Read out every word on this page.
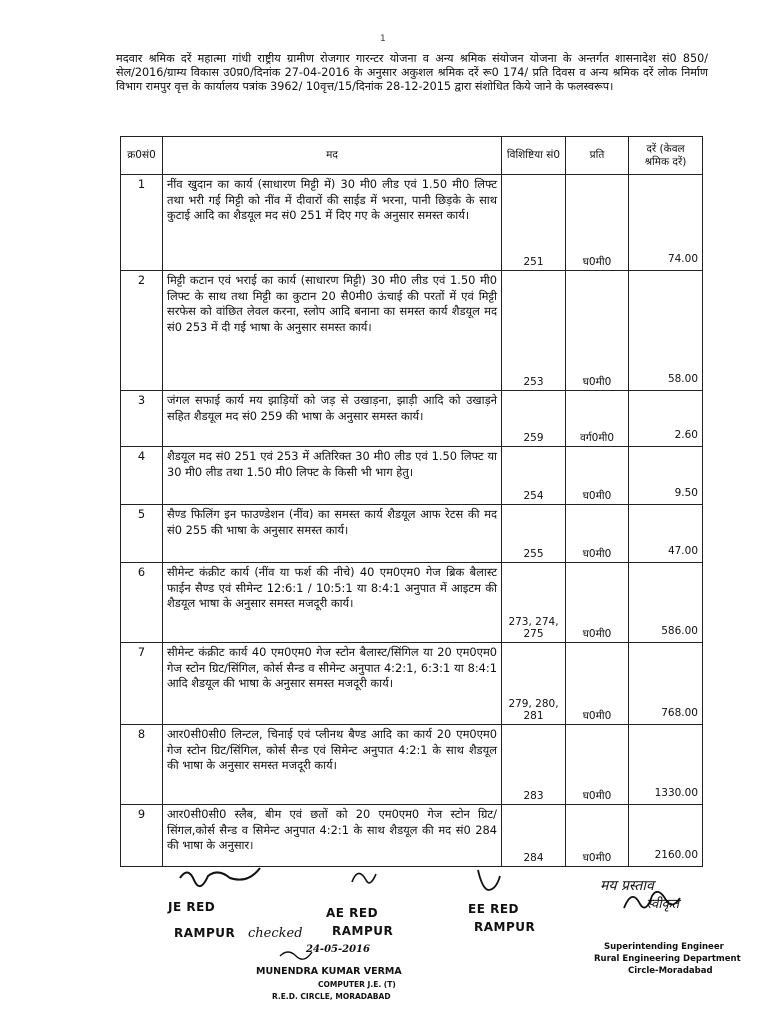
1
मदवार श्रमिक दरें महात्मा गांधी राष्ट्रीय ग्रामीण रोजगार गारन्टर योजना व अन्य श्रमिक संयोजन योजना के अन्तर्गत शासनादेश सं0 850/ सेल/2016/ग्राम्य विकास उ0प्र0/दिनांक 27-04-2016 के अनुसार अकुशल श्रमिक दरें रू0 174/ प्रति दिवस व अन्य श्रमिक दरें लोक निर्माण विभाग रामपुर वृत्त के कार्यालय पत्रांक 3962/ 10वृत्त/15/दिनांक 28-12-2015 द्वारा संशोधित किये जाने के फलस्वरूप।
क्र0सं0	मद	विशिष्टिया सं0	प्रति	दरें (केवल श्रमिक दरें)
1	नींव खुदान का कार्य (साधारण मिट्टी में) 30 मी0 लीड एवं 1.50 मी0 लिफ्ट तथा भरी गई मिट्टी को नींव में दीवारों की साईड में भरना, पानी छिड़के के साथ कुटाई आदि का शैडयूल मद सं0 251 में दिए गए के अनुसार समस्त कार्य।	251	घ0मी0	74.00
2	मिट्टी कटान एवं भराई का कार्य (साधारण मिट्टी) 30 मी0 लीड एवं 1.50 मी0 लिफ्ट के साथ तथा मिट्टी का कुटान 20 सै0मी0 ऊंचाई की परतों में एवं मिट्टी सरफेस को वांछित लेवल करना, स्लोप आदि बनाना का समस्त कार्य शैडयूल मद सं0 253 में दी गई भाषा के अनुसार समस्त कार्य।	253	घ0मी0	58.00
3	जंगल सफाई कार्य मय झाड़ियों को जड़ से उखाड़ना, झाड़ी आदि को उखाड़ने सहित शैडयूल मद सं0 259 की भाषा के अनुसार समस्त कार्य।	259	वर्ग0मी0	2.60
4	शैडयूल मद सं0 251 एवं 253 में अतिरिक्त 30 मी0 लीड एवं 1.50 लिफ्ट या 30 मी0 लीड तथा 1.50 मी0 लिफ्ट के किसी भी भाग हेतु।	254	घ0मी0	9.50
5	सैण्ड फिलिंग इन फाउण्डेशन (नींव) का समस्त कार्य शैडयूल आफ रेटस की मद सं0 255 की भाषा के अनुसार समस्त कार्य।	255	घ0मी0	47.00
6	सीमेन्ट कंक्रीट कार्य (नींव या फर्श की नीचे) 40 एम0एम0 गेज ब्रिक बैलास्ट फाईन सैण्ड एवं सीमेन्ट 12:6:1 / 10:5:1 या 8:4:1 अनुपात में आइटम की शैडयूल भाषा के अनुसार समस्त मजदूरी कार्य।	273, 274, 275	घ0मी0	586.00
7	सीमेन्ट कंक्रीट कार्य 40 एम0एम0 गेज स्टोन बैलास्ट/सिंगिल या 20 एम0एम0 गेज स्टोन ग्रिट/सिंगिल, कोर्स सैन्ड व सीमेन्ट अनुपात 4:2:1, 6:3:1 या 8:4:1 आदि शैडयूल की भाषा के अनुसार समस्त मजदूरी कार्य।	279, 280, 281	घ0मी0	768.00
8	आर0सी0सी0 लिन्टल, चिनाई एवं प्लीनथ बैण्ड आदि का कार्य 20 एम0एम0 गेज स्टोन ग्रिट/सिंगिल, कोर्स सैन्ड एवं सिमेन्ट अनुपात 4:2:1 के साथ शैडयूल की भाषा के अनुसार समस्त मजदूरी कार्य।	283	घ0मी0	1330.00
9	आर0सी0सी0 स्लैब, बीम एवं छतों को 20 एम0एम0 गेज स्टोन ग्रिट/सिंगल,कोर्स सैन्ड व सिमेन्ट अनुपात 4:2:1 के साथ शैडयूल की मद सं0 284 की भाषा के अनुसार।	284	घ0मी0	2160.00
JE RED
RAMPUR checked
AE RED
RAMPUR
24-05-2016
EE RED
RAMPUR
मय प्रस्ताव
स्वीकृत
MUNENDRA KUMAR VERMA
COMPUTER J.E. (T)
R.E.D. CIRCLE, MORADABAD
Superintending Engineer
Rural Engineering Department
Circle-Moradabad
